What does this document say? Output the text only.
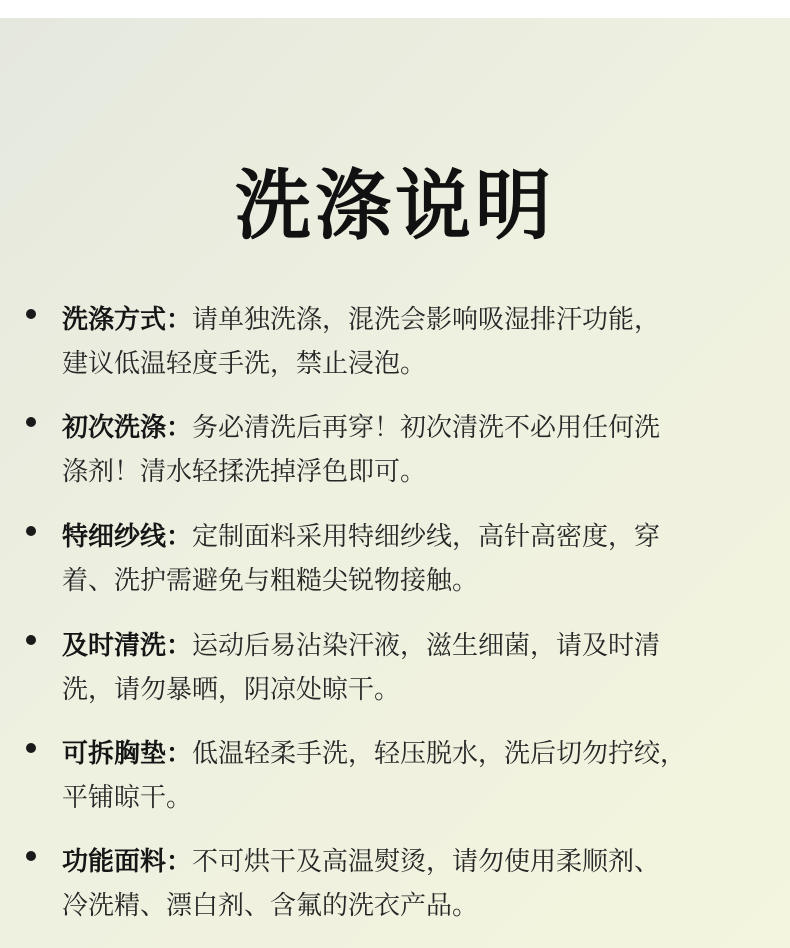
洗涤说明
洗涤方式：请单独洗涤，混洗会影响吸湿排汗功能，
建议低温轻度手洗，禁止浸泡。
初次洗涤：务必清洗后再穿！初次清洗不必用任何洗
涤剂！清水轻揉洗掉浮色即可。
特细纱线：定制面料采用特细纱线，高针高密度，穿
着、洗护需避免与粗糙尖锐物接触。
及时清洗：运动后易沾染汗液，滋生细菌，请及时清
洗，请勿暴晒，阴凉处晾干。
可拆胸垫：低温轻柔手洗，轻压脱水，洗后切勿拧绞，
平铺晾干。
功能面料：不可烘干及高温熨烫，请勿使用柔顺剂、
冷洗精、漂白剂、含氟的洗衣产品。
